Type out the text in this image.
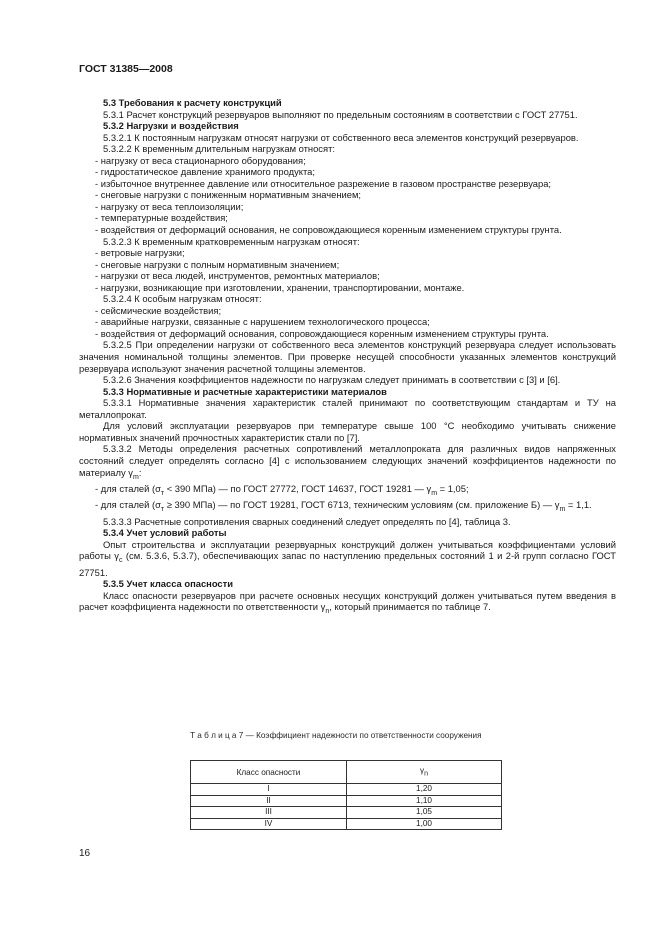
ГОСТ 31385—2008

5.3 Требования к расчету конструкций

5.3.1 Расчет конструкций резервуаров выполняют по предельным состояниям в соответствии с ГОСТ 27751.

5.3.2 Нагрузки и воздействия

5.3.2.1 К постоянным нагрузкам относят нагрузки от собственного веса элементов конструкций резервуаров.

5.3.2.2 К временным длительным нагрузкам относят:

- нагрузку от веса стационарного оборудования;

- гидростатическое давление хранимого продукта;

- избыточное внутреннее давление или относительное разрежение в газовом пространстве резервуара;

- снеговые нагрузки с пониженным нормативным значением;

- нагрузку от веса теплоизоляции;

- температурные воздействия;

- воздействия от деформаций основания, не сопровождающиеся коренным изменением структуры грунта.

5.3.2.3 К временным кратковременным нагрузкам относят:

- ветровые нагрузки;

- снеговые нагрузки с полным нормативным значением;

- нагрузки от веса людей, инструментов, ремонтных материалов;

- нагрузки, возникающие при изготовлении, хранении, транспортировании, монтаже.

5.3.2.4 К особым нагрузкам относят:

- сейсмические воздействия;

- аварийные нагрузки, связанные с нарушением технологического процесса;

- воздействия от деформаций основания, сопровождающиеся коренным изменением структуры грунта.

5.3.2.5 При определении нагрузки от собственного веса элементов конструкций резервуара следует использовать значения номинальной толщины элементов. При проверке несущей способности указанных элементов конструкций резервуара используют значения расчетной толщины элементов.

5.3.2.6 Значения коэффициентов надежности по нагрузкам следует принимать в соответствии с [3] и [6].

5.3.3 Нормативные и расчетные характеристики материалов

5.3.3.1 Нормативные значения характеристик сталей принимают по соответствующим стандартам и ТУ на металлопрокат.

Для условий эксплуатации резервуаров при температуре свыше 100 °С необходимо учитывать снижение нормативных значений прочностных характеристик стали по [7].

5.3.3.2 Методы определения расчетных сопротивлений металлопроката для различных видов напряженных состояний следует определять согласно [4] с использованием следующих значений коэффициентов надежности по материалу $\gamma_m$:

- для сталей ($\sigma_т < 390$ МПа) — по ГОСТ 27772, ГОСТ 14637, ГОСТ 19281 — $\gamma_m = 1,05$;

- для сталей ($\sigma_т \ge 390$ МПа) — по ГОСТ 19281, ГОСТ 6713, техническим условиям (см. приложение Б) — $\gamma_m = 1,1$.

5.3.3.3 Расчетные сопротивления сварных соединений следует определять по [4], таблица 3.

5.3.4 Учет условий работы

Опыт строительства и эксплуатации резервуарных конструкций должен учитываться коэффициентами условий работы $\gamma_c$ (см. 5.3.6, 5.3.7), обеспечивающих запас по наступлению предельных состояний 1 и 2-й групп согласно ГОСТ 27751.

5.3.5 Учет класса опасности

Класс опасности резервуаров при расчете основных несущих конструкций должен учитываться путем введения в расчет коэффициента надежности по ответственности $\gamma_n$, который принимается по таблице 7.

Т а б л и ц а 7 — Коэффициент надежности по ответственности сооружения
Класс опасности	$\gamma_n$
I	1,20
II	1,10
III	1,05
IV	1,00
16
